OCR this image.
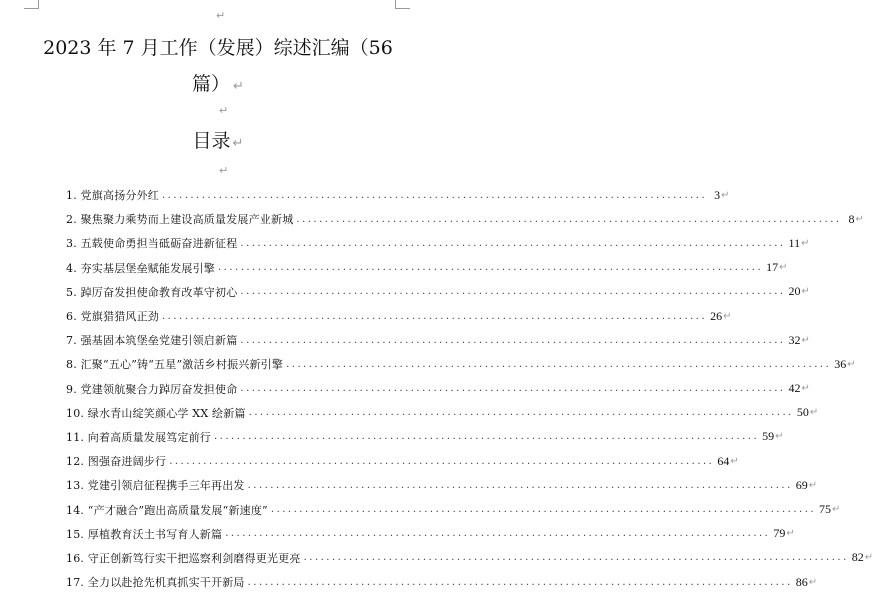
↵
2023 年 7 月工作（发展）综述汇编（56
篇） ↵
↵
目录 ↵
↵
1. 党旗高扬分外红 ................................................................................................ 3 ↵
2. 聚焦聚力乘势而上建设高质量发展产业新城 ................................................................................................ 8 ↵
3. 五载使命勇担当砥砺奋进新征程 ................................................................................................ 11 ↵
4. 夯实基层堡垒赋能发展引擎 ................................................................................................ 17 ↵
5. 踔厉奋发担使命教育改革守初心 ................................................................................................ 20 ↵
6. 党旗猎猎风正劲 ................................................................................................ 26 ↵
7. 强基固本筑堡垒党建引领启新篇 ................................................................................................ 32 ↵
8. 汇聚“五心”铸“五星”激活乡村振兴新引擎 ................................................................................................ 36 ↵
9. 党建领航聚合力踔厉奋发担使命 ................................................................................................ 42 ↵
10. 绿水青山绽笑颜心学 XX 绘新篇 ................................................................................................ 50 ↵
11. 向着高质量发展笃定前行 ................................................................................................ 59 ↵
12. 图强奋进阔步行 ................................................................................................ 64 ↵
13. 党建引领启征程携手三年再出发 ................................................................................................ 69 ↵
14. “产才融合”跑出高质量发展“新速度” ................................................................................................ 75 ↵
15. 厚植教育沃土书写育人新篇 ................................................................................................ 79 ↵
16. 守正创新笃行实干把巡察利剑磨得更光更亮 ................................................................................................ 82 ↵
17. 全力以赴抢先机真抓实干开新局 ................................................................................................ 86 ↵
